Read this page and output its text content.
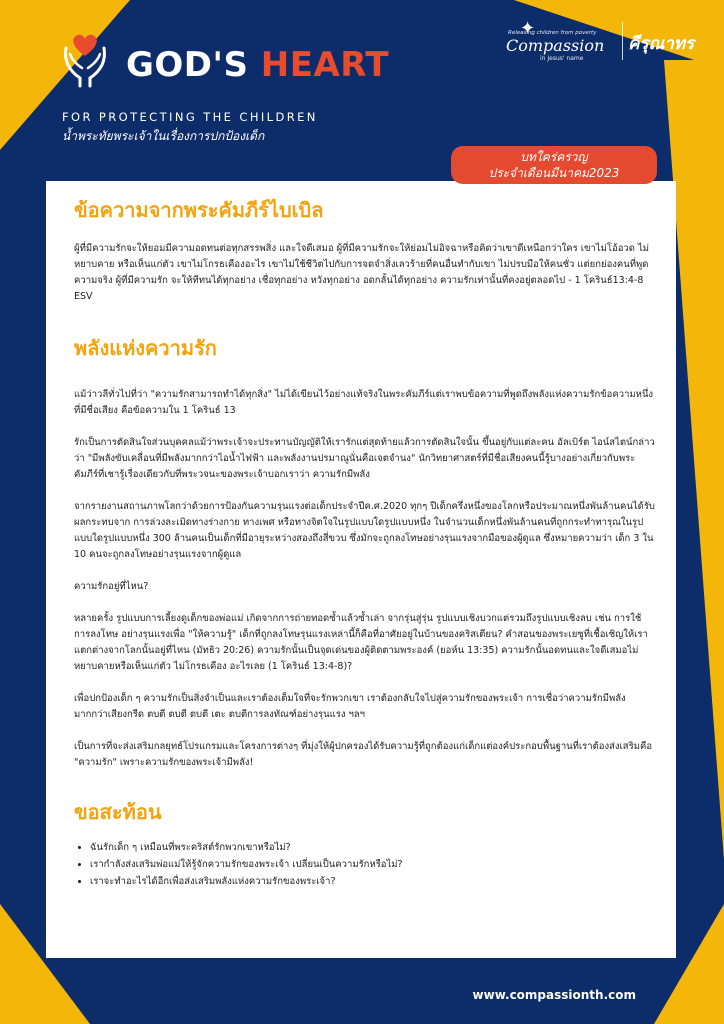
GOD'S HEART
FOR PROTECTING THE CHILDREN
น้ำพระทัยพระเจ้าในเรื่องการปกป้องเด็ก
✦
Releasing children from poverty
Compassion
in Jesus' name
คีรุณาทร
ข้อความจากพระคัมภีร์ไบเบิล

ผู้ที่มีความรักจะให้ยอมมีความอดทนต่อทุกสรรพสิ่ง และใจดีเสมอ ผู้ที่มีความรักจะให้ย่อมไม่อิจฉาหรือคิดว่าเขาดีเหนือกว่าใคร เขาไม่โอ้อวด ไม่หยาบคาย หรือเห็นแก่ตัว เขาไม่โกรธเคืองอะไร เขาไม่ใช้ชีวิตไปกับการจดจำสิ่งเลวร้ายที่คนอื่นทำกับเขา ไม่ปรบมือให้คนชั่ว แต่ยกย่องคนที่พูดความจริง ผู้ที่มีความรัก จะให้ทีทนได้ทุกอย่าง เชื่อทุกอย่าง หวังทุกอย่าง อดกลั้นได้ทุกอย่าง ความรักเท่านั้นที่คงอยู่ตลอดไป - 1 โครินธ์13:4-8 ESV

พลังแห่งความรัก

แม้ว่าวลีทั่วไปที่ว่า "ความรักสามารถทำได้ทุกสิ่ง" ไม่ได้เขียนไว้อย่างแท้จริงในพระคัมภีร์แต่เราพบข้อความที่พูดถึงพลังแห่งความรักข้อความหนึ่งที่มีชื่อเสียง คือข้อความใน 1 โครินธ์ 13

รักเป็นการตัดสินใจส่วนบุคคลแม้ว่าพระเจ้าจะประทานบัญญัติให้เรารักแต่สุดท้ายแล้วการตัดสินใจนั้น ขึ้นอยู่กับแต่ละคน อัลเบิร์ต ไอน์สไตน์กล่าวว่า "มีพลังขับเคลื่อนที่มีพลังมากกว่าไอน้ำไฟฟ้า และพลังงานปรมาณูนั่นคือเจตจำนง" นักวิทยาศาสตร์ที่มีชื่อเสียงคนนี้รู้บางอย่างเกี่ยวกับพระคัมภีร์ที่เชารู้เรื่องเดียวกับที่พระวจนะของพระเจ้าบอกเราว่า ความรักมีพลัง

จากรายงานสถานภาพโลกว่าด้วยการป้องกันความรุนแรงต่อเด็กประจำปีค.ศ.2020 ทุกๆ ปีเด็กครึ่งหนึ่งของโลกหรือประมาณหนึ่งพันล้านคนได้รับผลกระทบจาก การล่วงละเมิดทางร่างกาย ทางเพศ หรือทางจิตใจในรูปแบบใดรูปแบบหนึ่ง ในจำนวนเด็กหนึ่งพันล้านคนที่ถูกกระทำทารุณในรูปแบบใดรูปแบบหนึ่ง 300 ล้านคนเป็นเด็กที่มีอายุระหว่างสองถึงสี่ขวบ ซึ่งมักจะถูกลงโทษอย่างรุนแรงจากมือของผู้ดูแล ซึ่งหมายความว่า เด็ก 3 ใน 10 คนจะถูกลงโทษอย่างรุนแรงจากผู้ดูแล

ความรักอยู่ที่ไหน?

หลายครั้ง รูปแบบการเลี้ยงดูเด็กของพ่อแม่ เกิดจากการถ่ายทอดซ้ำแล้วซ้ำเล่า จากรุ่นสู่รุ่น รูปแบบเชิงบวกแต่รวมถึงรูปแบบเชิงลบ เช่น การใช้การลงโทษ อย่างรุนแรงเพื่อ "ให้ความรู้" เด็กที่ถูกลงโทษรุนแรงเหล่านี้ก็คือที่อาศัยอยู่ในบ้านของคริสเตียน? คำสอนของพระเยซูที่เชื้อเชิญให้เราแตกต่างจากโลกนั้นอยู่ที่ไหน (มัทธิว 20:26) ความรักนั้นเป็นจุดเด่นของผู้ติดตามพระองค์ (ยอห์น 13:35) ความรักนั้นอดทนและใจดีเสมอไม่หยาบคายหรือเห็นแก่ตัว ไม่โกรธเคือง อะไรเลย (1 โครินธ์ 13:4-8)?

เพื่อปกป้องเด็ก ๆ ความรักเป็นสิ่งจำเป็นและเราต้องเต็มใจที่จะรักพวกเขา เราต้องกลับใจไปสู่ความรักของพระเจ้า การเชื่อว่าความรักมีพลังมากกว่าเสียงกรีด ตบตี ตบตี ตบตี เตะ ตบตีการลงทัณฑ์อย่างรุนแรง ฯลฯ

เป็นการที่จะส่งเสริมกลยุทธ์โปรแกรมและโครงการต่างๆ ที่มุ่งให้ผู้ปกครองได้รับความรู้ที่ถูกต้องแก่เด็กแต่องค์ประกอบพื้นฐานที่เราต้องส่งเสริมคือ "ความรัก" เพราะความรักของพระเจ้ามีพลัง!

ขอสะท้อน
• ฉันรักเด็ก ๆ เหมือนที่พระคริสต์รักพวกเขาหรือไม่?
• เรากำลังส่งเสริมพ่อแม่ให้รู้จักความรักของพระเจ้า เปลี่ยนเป็นความรักหรือไม่?
• เราจะทำอะไรได้อีกเพื่อส่งเสริมพลังแห่งความรักของพระเจ้า?
บทใคร่ครวญ
ประจำเดือนมีนาคม2023
www.compassionth.com
